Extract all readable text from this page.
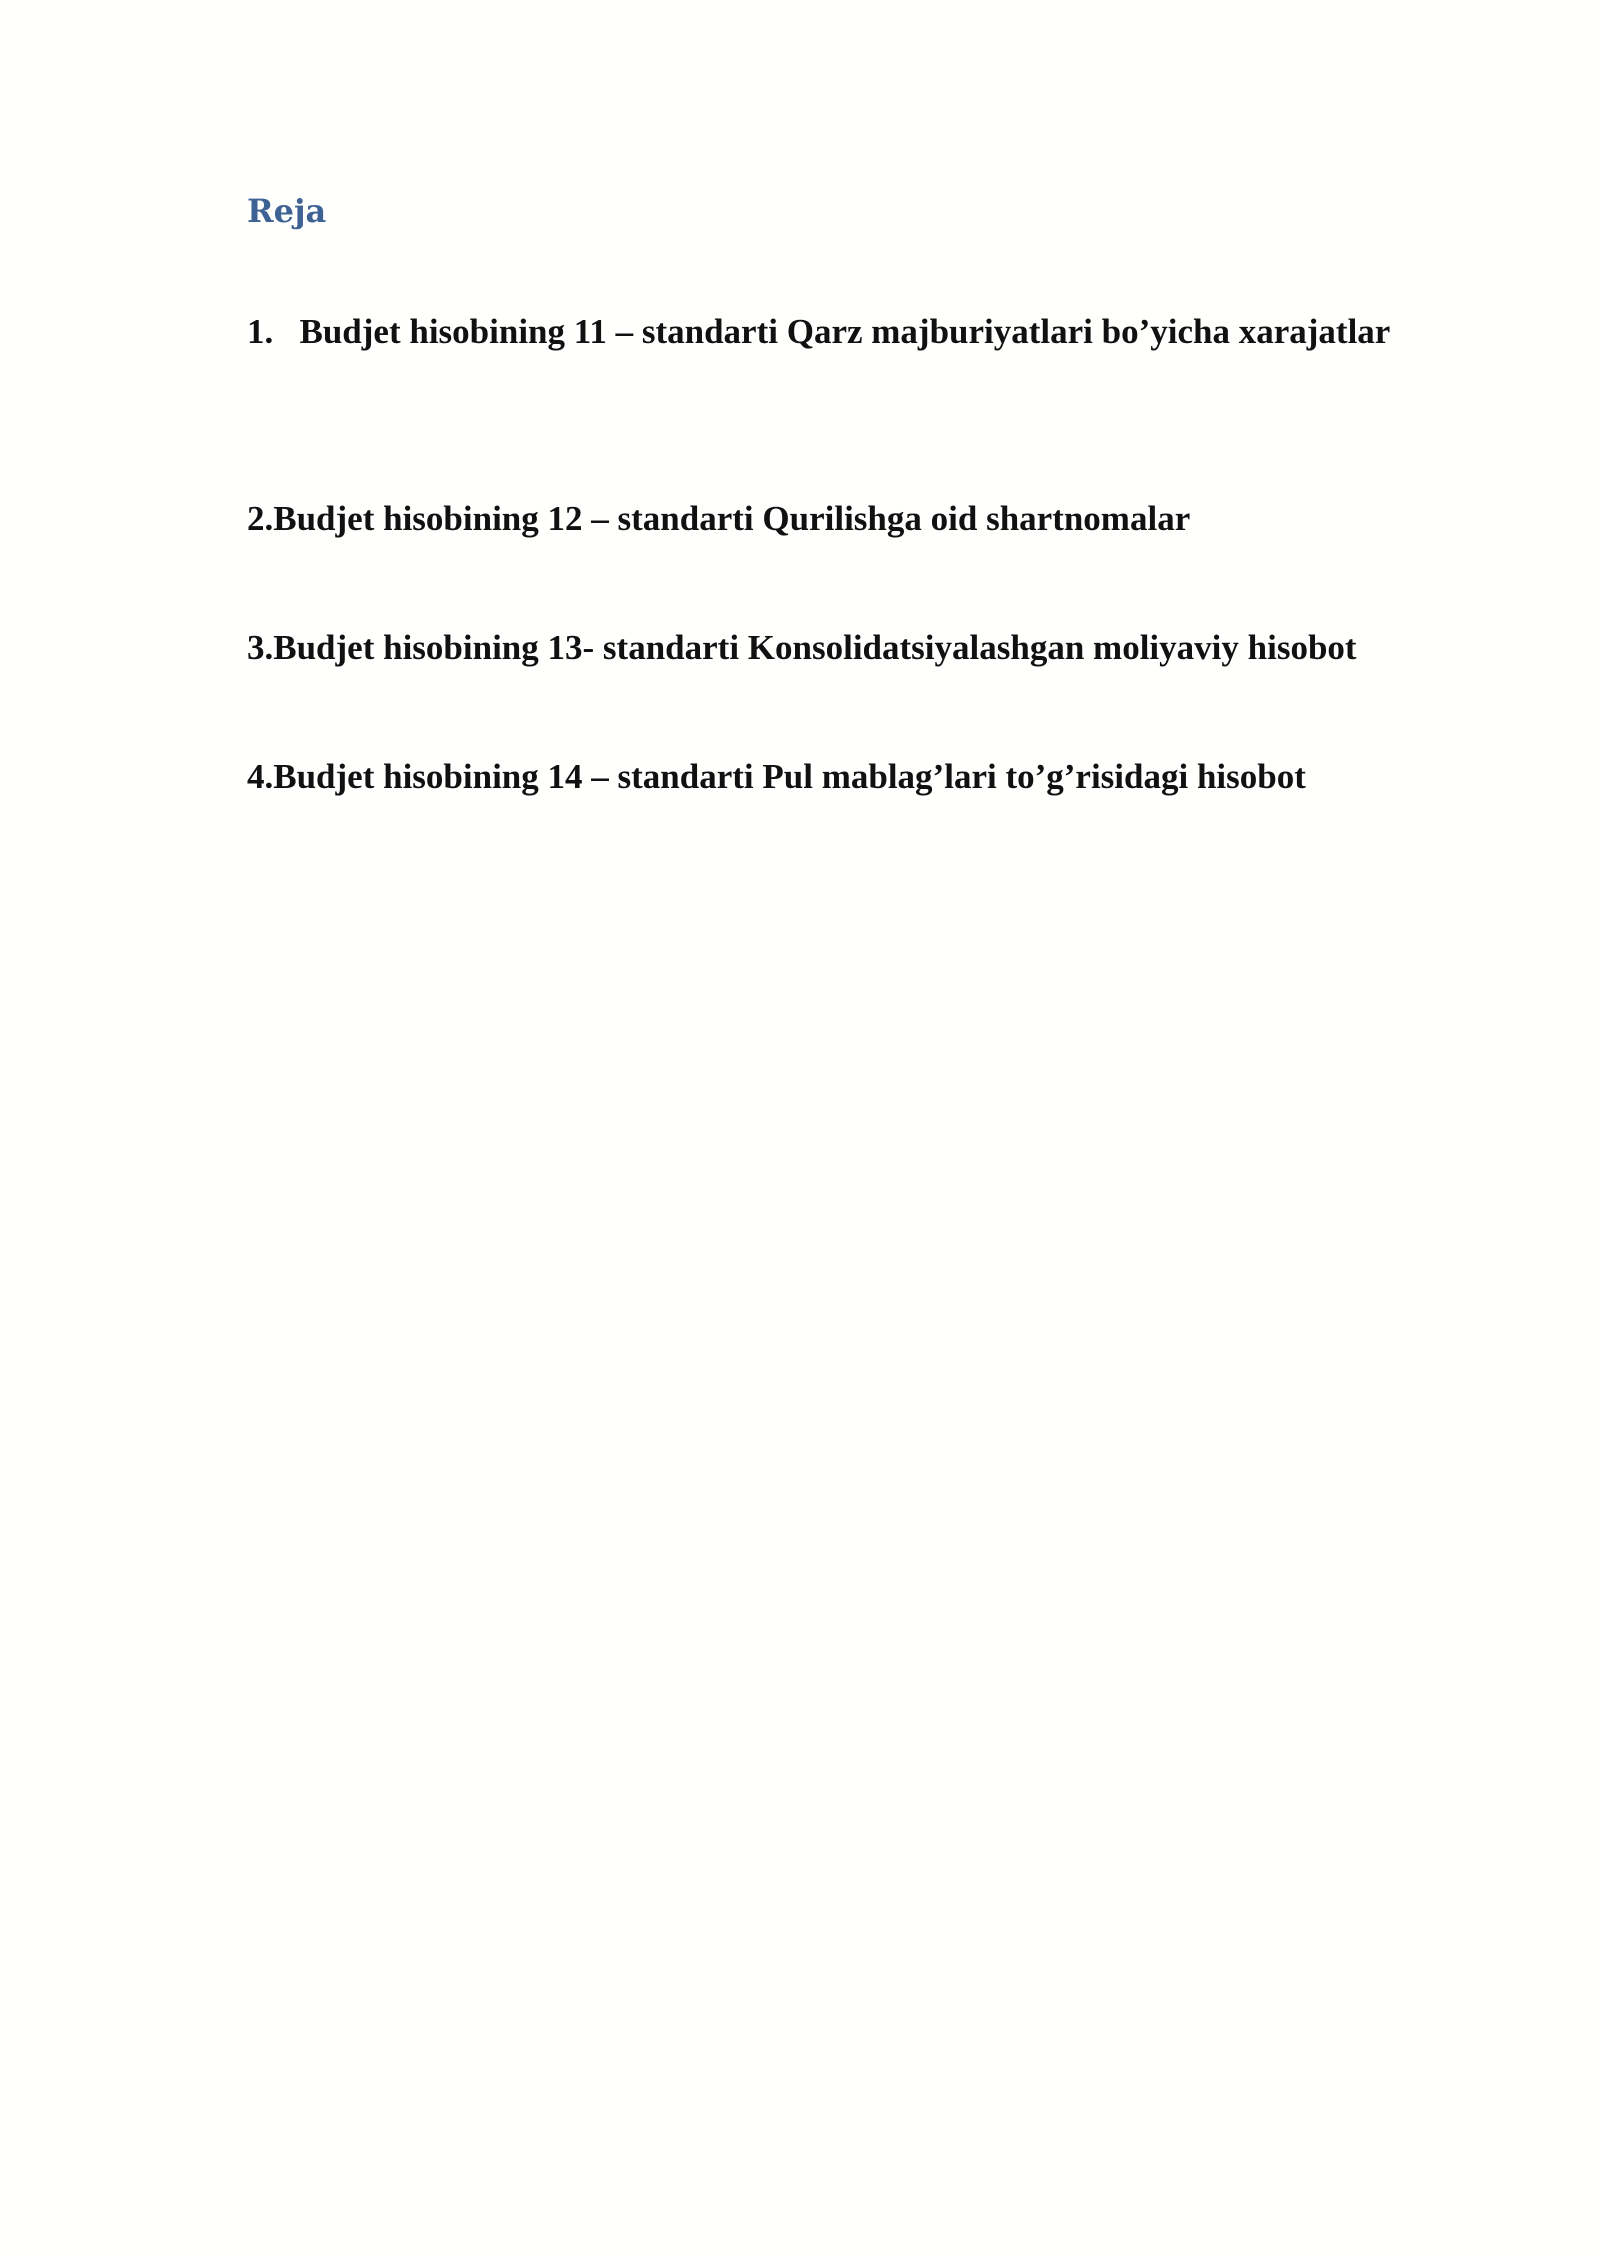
Reja

1.   Budjet hisobining 11 – standarti Qarz majburiyatlari bo’yicha xarajatlar

2.Budjet hisobining 12 – standarti Qurilishga oid shartnomalar

3.Budjet hisobining 13- standarti Konsolidatsiyalashgan moliyaviy hisobot

4.Budjet hisobining 14 – standarti Pul mablag’lari to’g’risidagi hisobot
